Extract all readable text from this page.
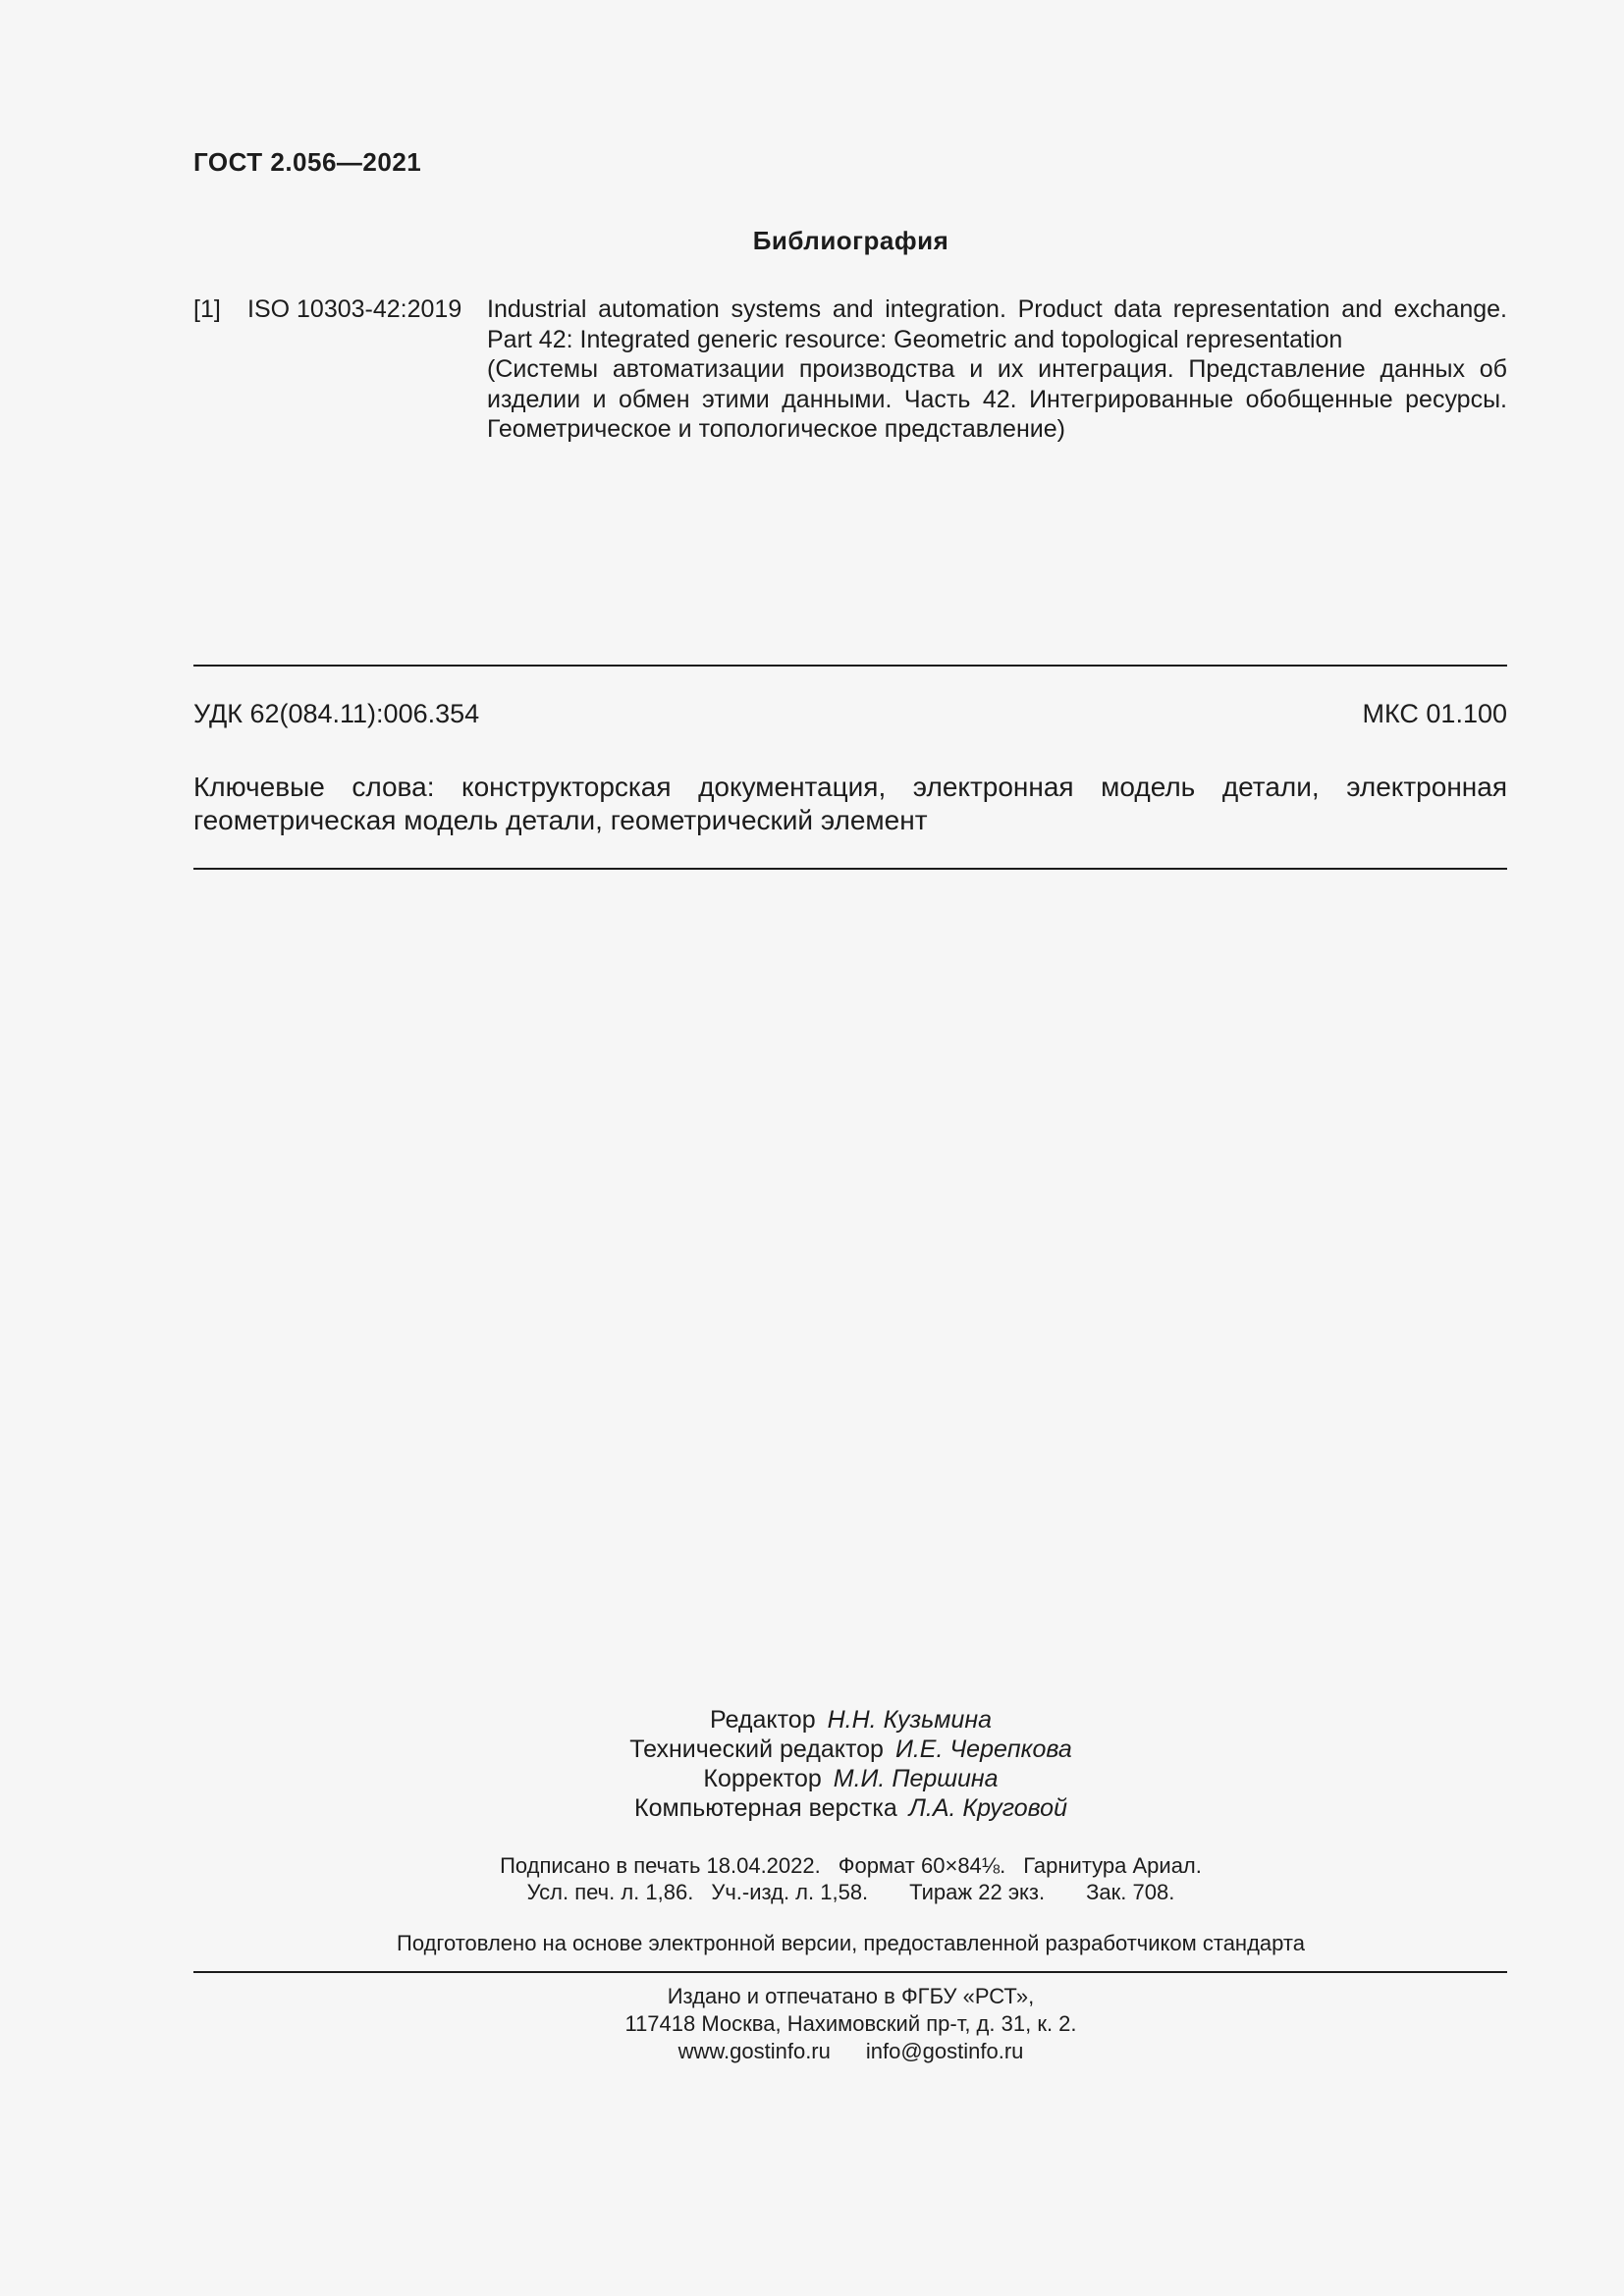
ГОСТ 2.056—2021
Библиография
[1] ISO 10303-42:2019 Industrial automation systems and integration. Product data representation and exchange. Part 42: Integrated generic resource: Geometric and topological representation

(Системы автоматизации производства и их интеграция. Представление данных об изделии и обмен этими данными. Часть 42. Интегрированные обобщенные ресурсы. Геометрическое и топологическое представление)

УДК 62(084.11):006.354	МКС 01.100
Ключевые слова: конструкторская документация, электронная модель детали, электронная геометрическая модель детали, геометрический элемент
Редактор Н.Н. Кузьмина
Технический редактор И.Е. Черепкова
Корректор М.И. Першина
Компьютерная верстка Л.А. Круговой
Подписано в печать 18.04.2022. Формат 60×84⅛. Гарнитура Ариал.
Усл. печ. л. 1,86. Уч.-изд. л. 1,58. Тираж 22 экз. Зак. 708.
Подготовлено на основе электронной версии, предоставленной разработчиком стандарта
Издано и отпечатано в ФГБУ «РСТ»,
117418 Москва, Нахимовский пр-т, д. 31, к. 2.
www.gostinfo.ru info@gostinfo.ru
